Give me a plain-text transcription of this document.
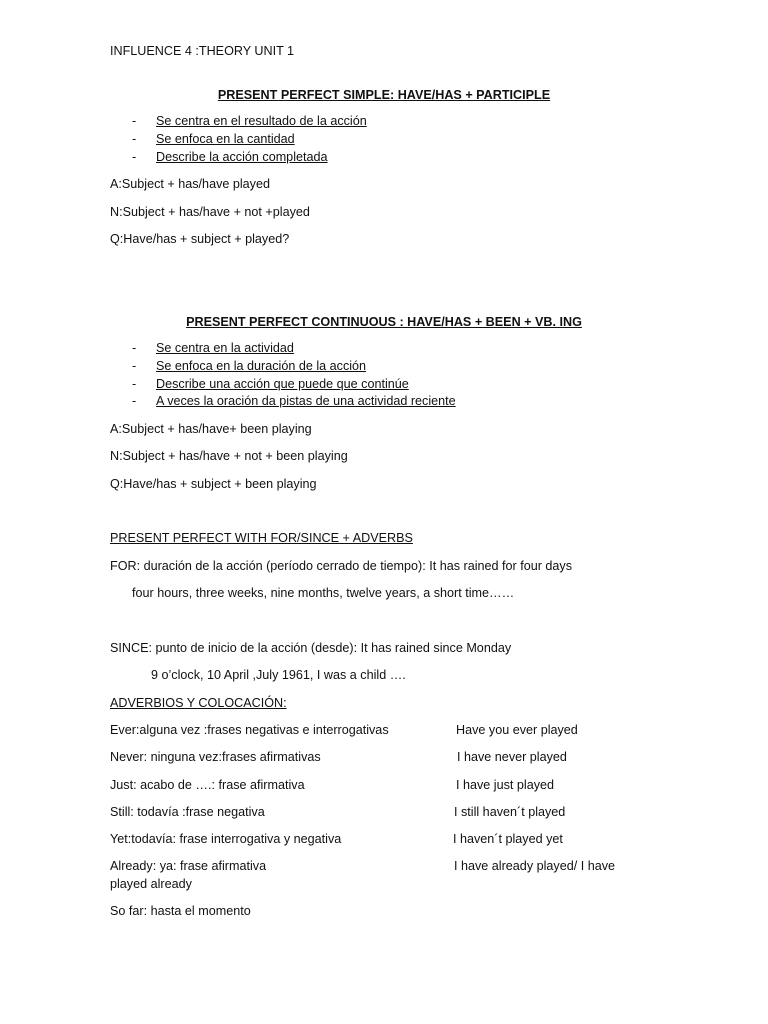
INFLUENCE 4 :THEORY UNIT 1
PRESENT PERFECT SIMPLE: HAVE/HAS + PARTICIPLE
- Se centra en el resultado de la acción
- Se enfoca en la cantidad
- Describe la acción completada
A:Subject + has/have played
N:Subject + has/have + not +played
Q:Have/has + subject + played?
PRESENT PERFECT CONTINUOUS : HAVE/HAS + BEEN + VB. ING
- Se centra en la actividad
- Se enfoca en la duración de la acción
- Describe una acción que puede que continúe
- A veces la oración da pistas de una actividad reciente
A:Subject + has/have+ been playing
N:Subject + has/have + not + been playing
Q:Have/has + subject + been playing
PRESENT PERFECT WITH FOR/SINCE + ADVERBS
FOR: duración de la acción (período cerrado de tiempo): It has rained for four days
four hours, three weeks, nine months, twelve years, a short time……
SINCE: punto de inicio de la acción (desde): It has rained since Monday
9 o’clock, 10 April ,July 1961, I was a child ….
ADVERBIOS Y COLOCACIÓN:
Ever:alguna vez :frases negativas e interrogativas	Have you ever played
Never: ninguna vez:frases afirmativas	I have never played
Just: acabo de ….: frase afirmativa	I have just played
Still: todavía :frase negativa	I still haven´t played
Yet:todavía: frase interrogativa y negativa	I haven´t played yet
Already: ya: frase afirmativa	I have already played/ I have
played already
So far: hasta el momento
